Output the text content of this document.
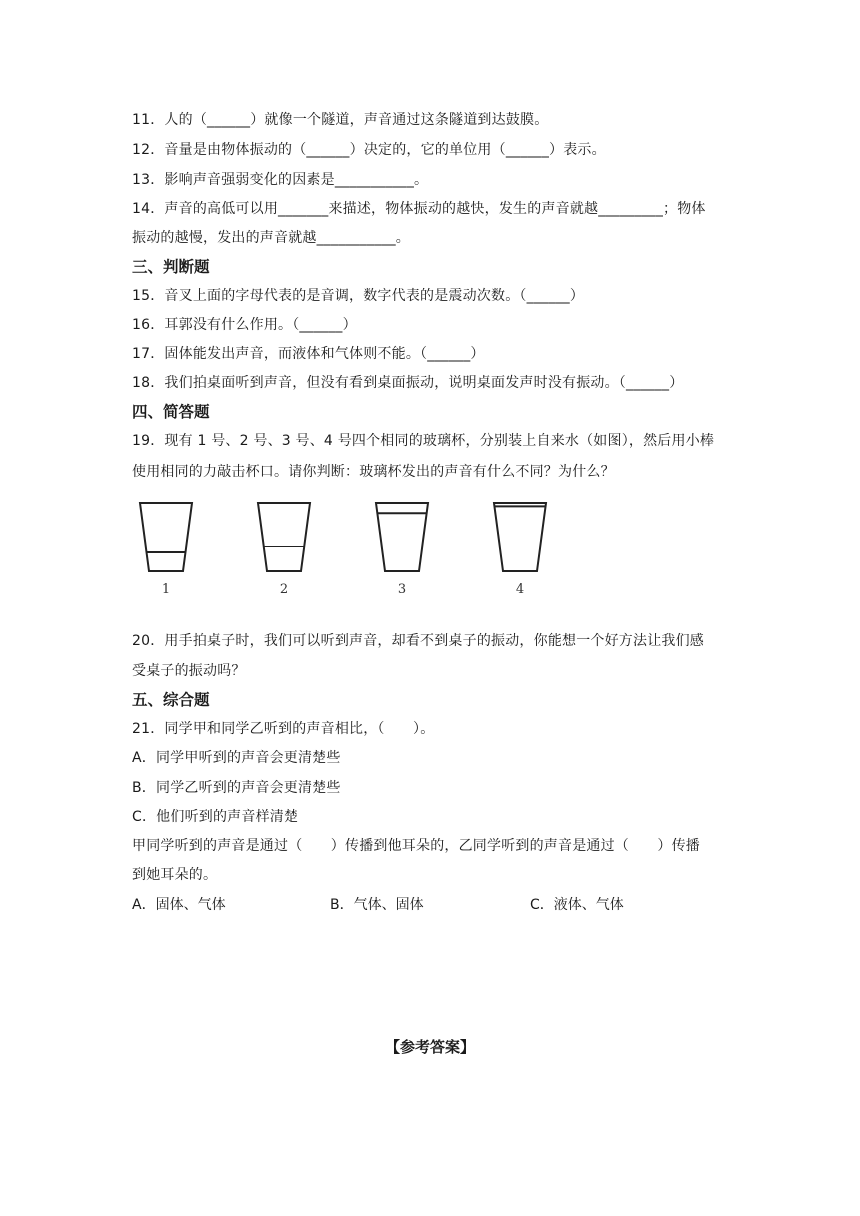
11．人的（______）就像一个隧道，声音通过这条隧道到达鼓膜。
12．音量是由物体振动的（______）决定的，它的单位用（______）表示。
13．影响声音强弱变化的因素是___________。
14．声音的高低可以用_______来描述，物体振动的越快，发生的声音就越_________；物体
振动的越慢，发出的声音就越___________。
三、判断题
15．音叉上面的字母代表的是音调，数字代表的是震动次数。（______）
16．耳郭没有什么作用。（______）
17．固体能发出声音，而液体和气体则不能。（______）
18．我们拍桌面听到声音，但没有看到桌面振动，说明桌面发声时没有振动。（______）
四、简答题
19．现有 1 号、2 号、3 号、4 号四个相同的玻璃杯，分别装上自来水（如图），然后用小棒
使用相同的力敲击杯口。请你判断：玻璃杯发出的声音有什么不同？为什么？
1	2	3	4
20．用手拍桌子时，我们可以听到声音，却看不到桌子的振动，你能想一个好方法让我们感
受桌子的振动吗？
五、综合题
21．同学甲和同学乙听到的声音相比，（　　）。
A．同学甲听到的声音会更清楚些
B．同学乙听到的声音会更清楚些
C．他们听到的声音样清楚
甲同学听到的声音是通过（　　）传播到他耳朵的，乙同学听到的声音是通过（　　）传播
到她耳朵的。
A．固体、气体	B．气体、固体	C．液体、气体
【参考答案】
